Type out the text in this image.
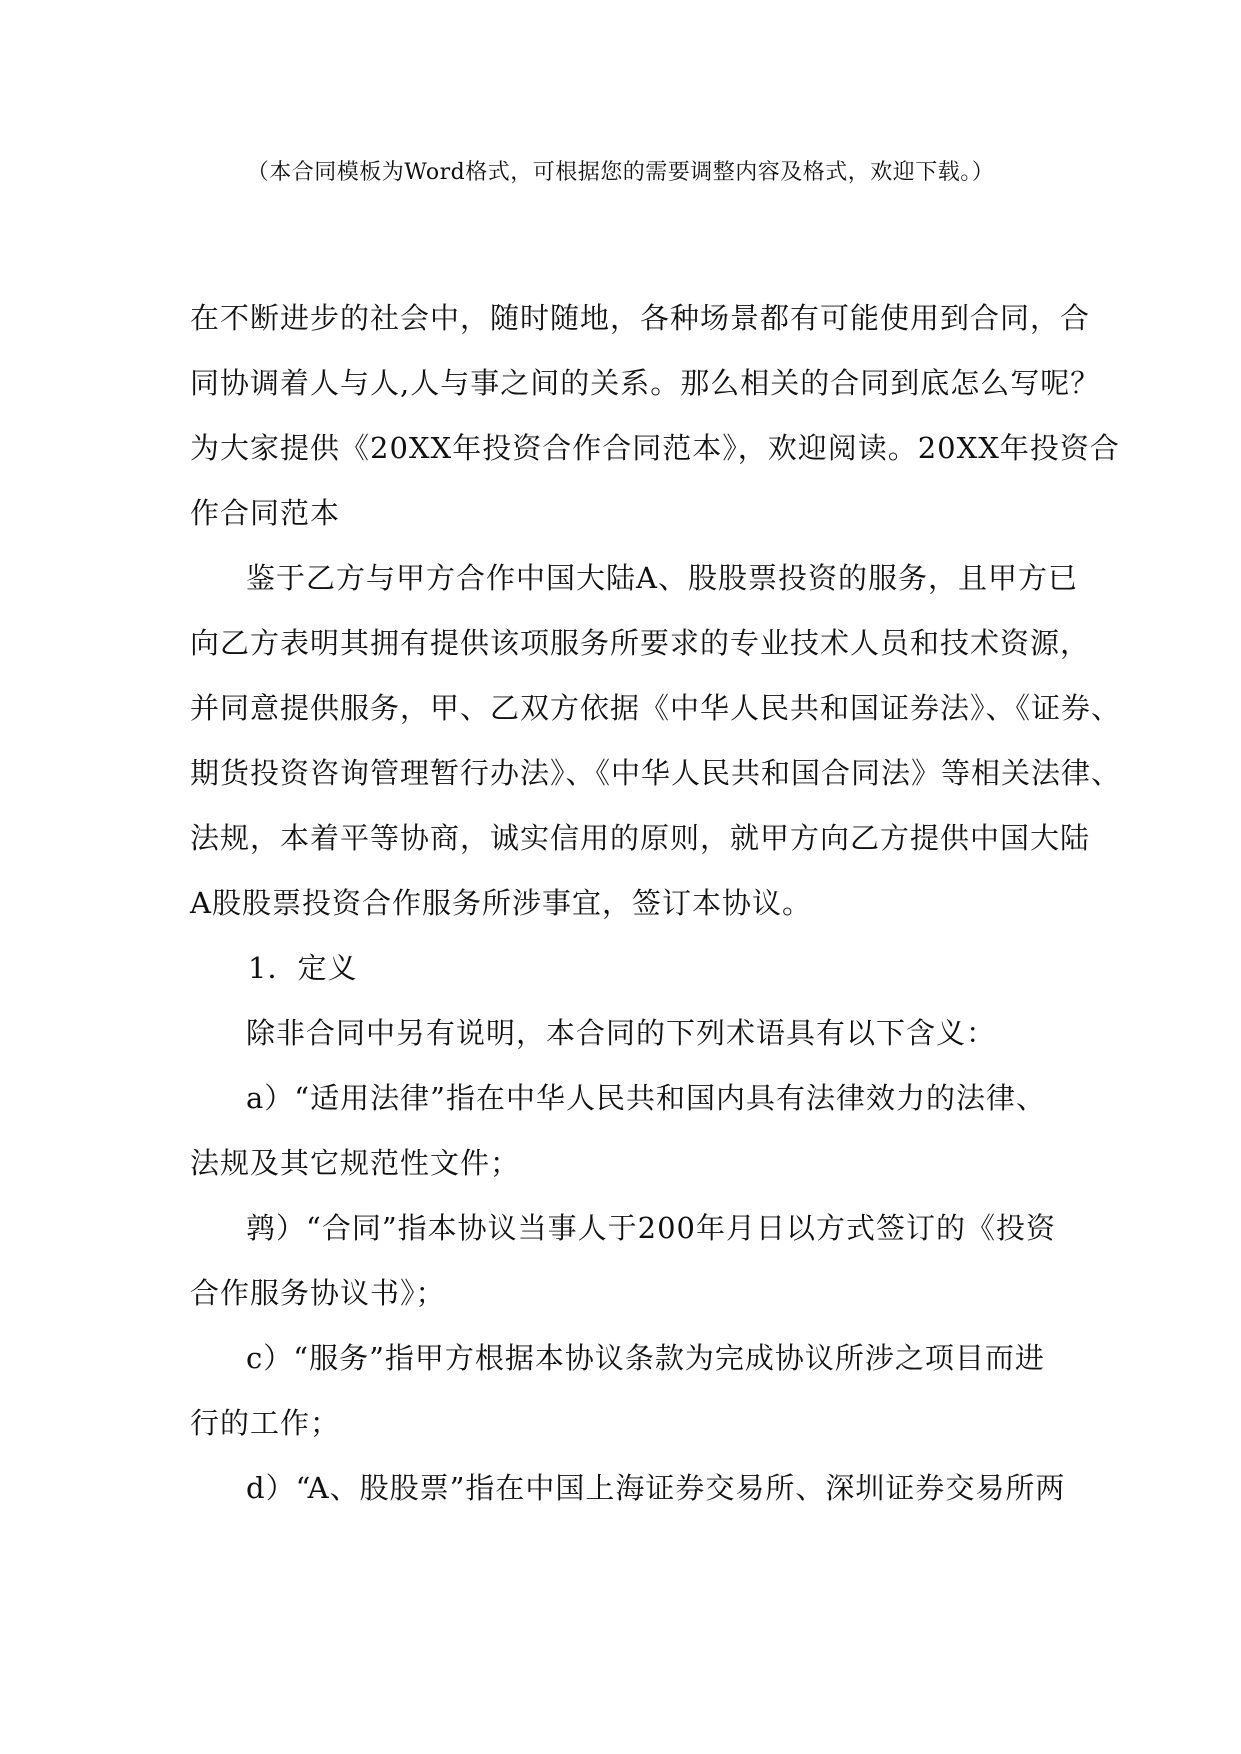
（本合同模板为Word格式，可根据您的需要调整内容及格式，欢迎下载。）
在不断进步的社会中，随时随地，各种场景都有可能使用到合同，合
同协调着人与人,人与事之间的关系。那么相关的合同到底怎么写呢？
为大家提供《20XX年投资合作合同范本》，欢迎阅读。20XX年投资合
作合同范本
鉴于乙方与甲方合作中国大陆A、股股票投资的服务，且甲方已
向乙方表明其拥有提供该项服务所要求的专业技术人员和技术资源，
并同意提供服务，甲、乙双方依据《中华人民共和国证券法》、《证券、
期货投资咨询管理暂行办法》、《中华人民共和国合同法》等相关法律、
法规，本着平等协商，诚实信用的原则，就甲方向乙方提供中国大陆
A股股票投资合作服务所涉事宜，签订本协议。
1．定义
除非合同中另有说明，本合同的下列术语具有以下含义：
a）“适用法律”指在中华人民共和国内具有法律效力的法律、
法规及其它规范性文件；
鹑）“合同”指本协议当事人于200年月日以方式签订的《投资
合作服务协议书》；
c）“服务”指甲方根据本协议条款为完成协议所涉之项目而进
行的工作；
d）“A、股股票”指在中国上海证券交易所、深圳证券交易所两
